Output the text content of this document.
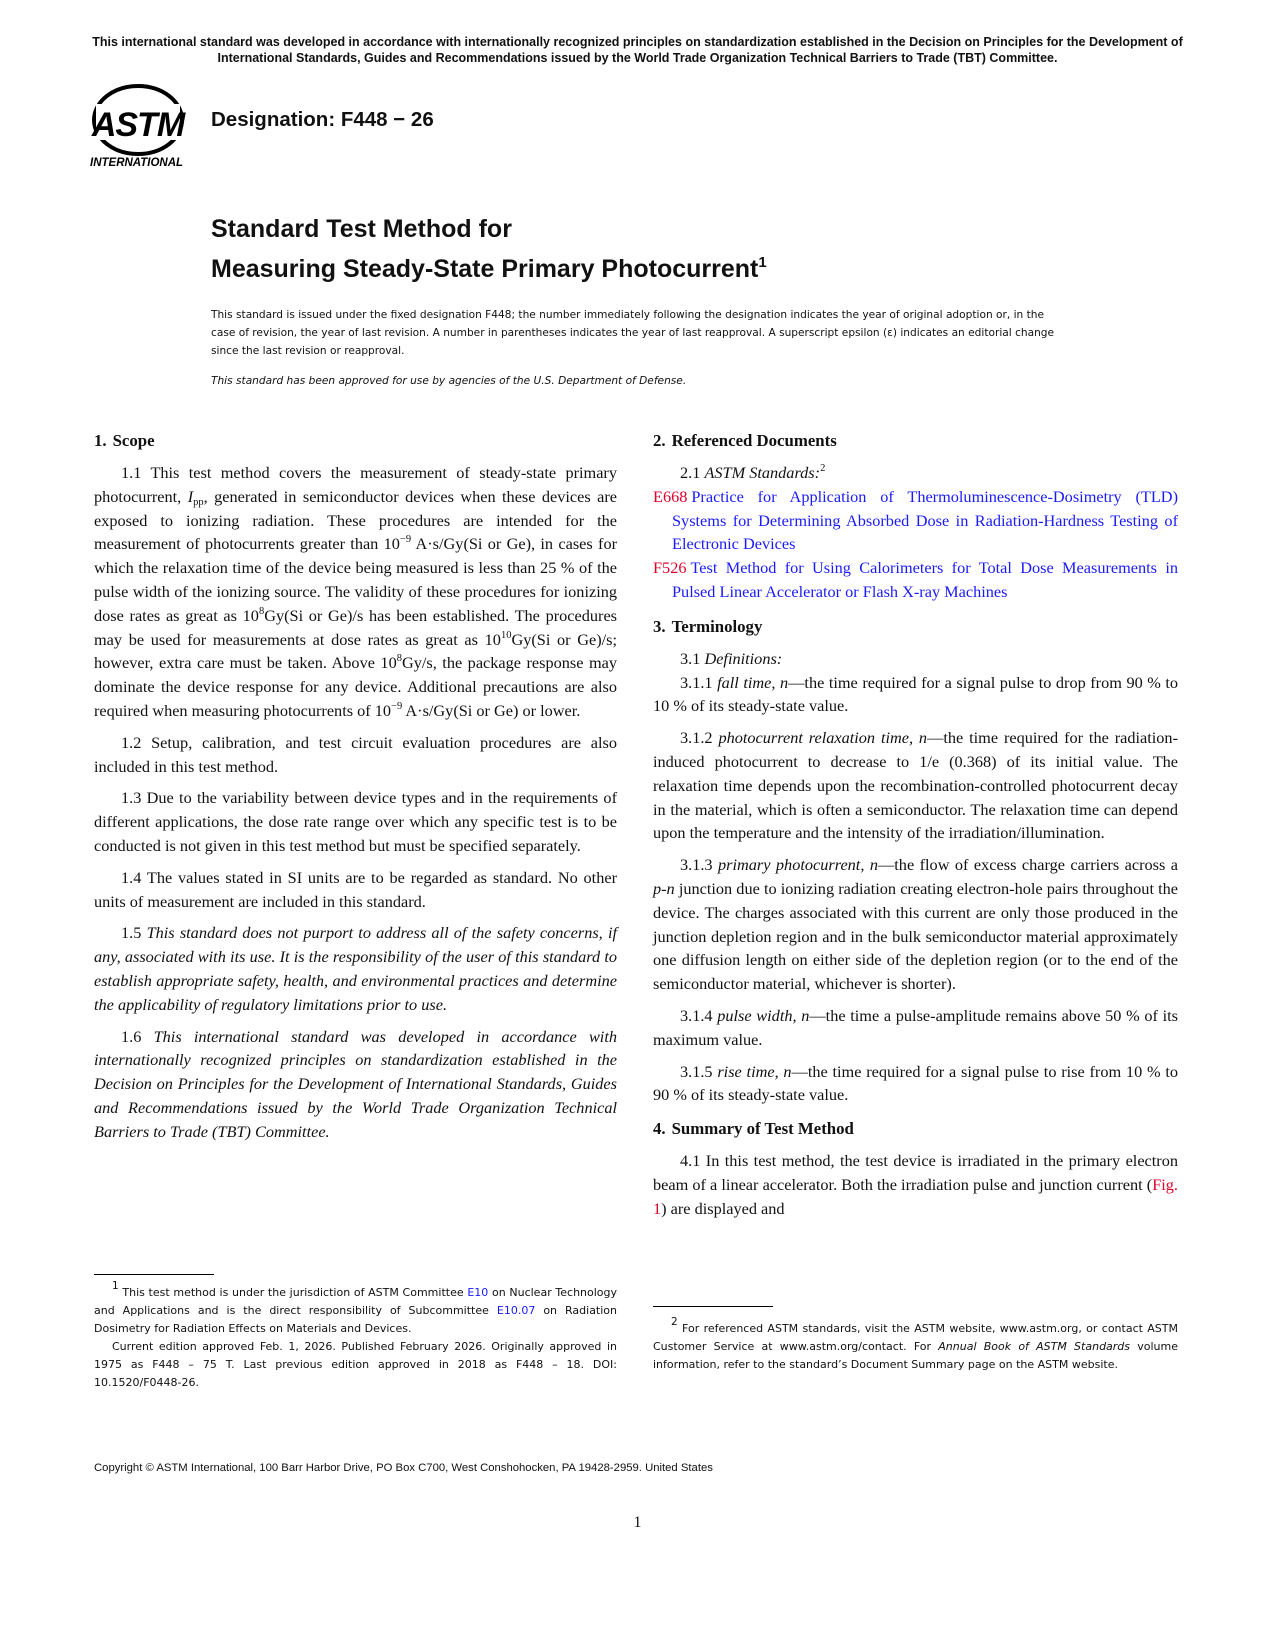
This international standard was developed in accordance with internationally recognized principles on standardization established in the Decision on Principles for the Development of International Standards, Guides and Recommendations issued by the World Trade Organization Technical Barriers to Trade (TBT) Committee.
ASTM
INTERNATIONAL
Designation: F448 − 26
Standard Test Method for
Measuring Steady-State Primary Photocurrent$^1$

This standard is issued under the fixed designation F448; the number immediately following the designation indicates the year of original adoption or, in the case of revision, the year of last revision. A number in parentheses indicates the year of last reapproval. A superscript epsilon (ε) indicates an editorial change since the last revision or reapproval.

This standard has been approved for use by agencies of the U.S. Department of Defense.

1. Scope

1.1 This test method covers the measurement of steady-state primary photocurrent, $I_{pp}$, generated in semiconductor devices when these devices are exposed to ionizing radiation. These procedures are intended for the measurement of photocurrents greater than $10^{-9}$ A·s/Gy(Si or Ge), in cases for which the relaxation time of the device being measured is less than 25 % of the pulse width of the ionizing source. The validity of these procedures for ionizing dose rates as great as $10^8Gy(Si$ or Ge)/s has been established. The procedures may be used for measurements at dose rates as great as $10^{10}Gy(Si$ or Ge)/s; however, extra care must be taken. Above $10^8Gy/s$, the package response may dominate the device response for any device. Additional precautions are also required when measuring photocurrents of $10^{-9}$ A·s/Gy(Si or Ge) or lower.

1.2 Setup, calibration, and test circuit evaluation procedures are also included in this test method.

1.3 Due to the variability between device types and in the requirements of different applications, the dose rate range over which any specific test is to be conducted is not given in this test method but must be specified separately.

1.4 The values stated in SI units are to be regarded as standard. No other units of measurement are included in this standard.

1.5 This standard does not purport to address all of the safety concerns, if any, associated with its use. It is the responsibility of the user of this standard to establish appropriate safety, health, and environmental practices and determine the applicability of regulatory limitations prior to use.

1.6 This international standard was developed in accordance with internationally recognized principles on standardization established in the Decision on Principles for the Development of International Standards, Guides and Recommendations issued by the World Trade Organization Technical Barriers to Trade (TBT) Committee.

2. Referenced Documents

2.1 ASTM Standards:$^2$

E668 Practice for Application of Thermoluminescence-Dosimetry (TLD) Systems for Determining Absorbed Dose in Radiation-Hardness Testing of Electronic Devices
F526 Test Method for Using Calorimeters for Total Dose Measurements in Pulsed Linear Accelerator or Flash X-ray Machines
3. Terminology

3.1 Definitions:

3.1.1 fall time, n—the time required for a signal pulse to drop from 90 % to 10 % of its steady-state value.

3.1.2 photocurrent relaxation time, n—the time required for the radiation-induced photocurrent to decrease to 1/e (0.368) of its initial value. The relaxation time depends upon the recombination-controlled photocurrent decay in the material, which is often a semiconductor. The relaxation time can depend upon the temperature and the intensity of the irradiation/illumination.

3.1.3 primary photocurrent, n—the flow of excess charge carriers across a p-n junction due to ionizing radiation creating electron-hole pairs throughout the device. The charges associated with this current are only those produced in the junction depletion region and in the bulk semiconductor material approximately one diffusion length on either side of the depletion region (or to the end of the semiconductor material, whichever is shorter).

3.1.4 pulse width, n—the time a pulse-amplitude remains above 50 % of its maximum value.

3.1.5 rise time, n—the time required for a signal pulse to rise from 10 % to 90 % of its steady-state value.

4. Summary of Test Method

4.1 In this test method, the test device is irradiated in the primary electron beam of a linear accelerator. Both the irradiation pulse and junction current (Fig. 1) are displayed and

$^1$ This test method is under the jurisdiction of ASTM Committee E10 on Nuclear Technology and Applications and is the direct responsibility of Subcommittee E10.07 on Radiation Dosimetry for Radiation Effects on Materials and Devices.

Current edition approved Feb. 1, 2026. Published February 2026. Originally approved in 1975 as F448 – 75 T. Last previous edition approved in 2018 as F448 – 18. DOI: 10.1520/F0448-26.

$^2$ For referenced ASTM standards, visit the ASTM website, www.astm.org, or contact ASTM Customer Service at www.astm.org/contact. For Annual Book of ASTM Standards volume information, refer to the standard’s Document Summary page on the ASTM website.

Copyright © ASTM International, 100 Barr Harbor Drive, PO Box C700, West Conshohocken, PA 19428-2959. United States
1
